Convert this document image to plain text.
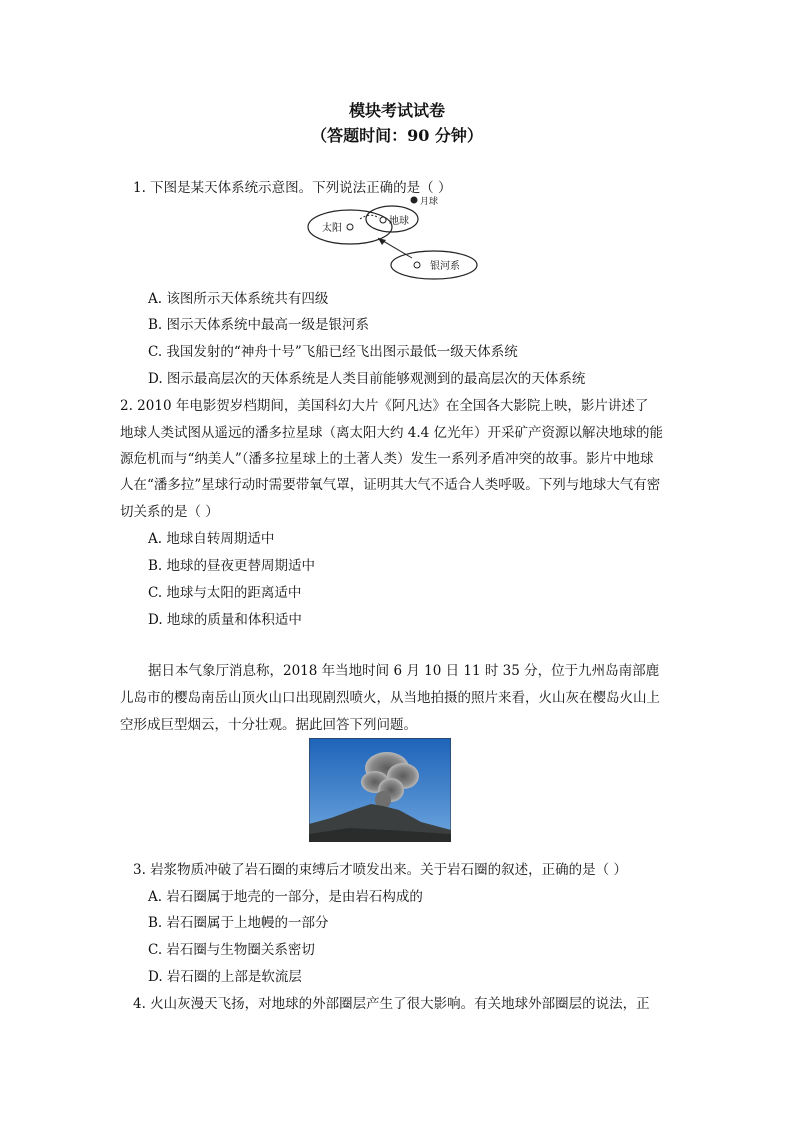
模块考试试卷
（答题时间：90 分钟）
1. 下图是某天体系统示意图。下列说法正确的是（ ）
太阳
地球
月球
银河系
A. 该图所示天体系统共有四级
B. 图示天体系统中最高一级是银河系
C. 我国发射的“神舟十号”飞船已经飞出图示最低一级天体系统
D. 图示最高层次的天体系统是人类目前能够观测到的最高层次的天体系统
2. 2010 年电影贺岁档期间，美国科幻大片《阿凡达》在全国各大影院上映，影片讲述了
地球人类试图从遥远的潘多拉星球（离太阳大约 4.4 亿光年）开采矿产资源以解决地球的能
源危机而与“纳美人”（潘多拉星球上的土著人类）发生一系列矛盾冲突的故事。影片中地球
人在“潘多拉”星球行动时需要带氧气罩，证明其大气不适合人类呼吸。下列与地球大气有密
切关系的是（ ）
A. 地球自转周期适中
B. 地球的昼夜更替周期适中
C. 地球与太阳的距离适中
D. 地球的质量和体积适中
据日本气象厅消息称，2018 年当地时间 6 月 10 日 11 时 35 分，位于九州岛南部鹿
儿岛市的樱岛南岳山顶火山口出现剧烈喷火，从当地拍摄的照片来看，火山灰在樱岛火山上
空形成巨型烟云，十分壮观。据此回答下列问题。
3. 岩浆物质冲破了岩石圈的束缚后才喷发出来。关于岩石圈的叙述，正确的是（ ）
A. 岩石圈属于地壳的一部分，是由岩石构成的
B. 岩石圈属于上地幔的一部分
C. 岩石圈与生物圈关系密切
D. 岩石圈的上部是软流层
4. 火山灰漫天飞扬，对地球的外部圈层产生了很大影响。有关地球外部圈层的说法，正
